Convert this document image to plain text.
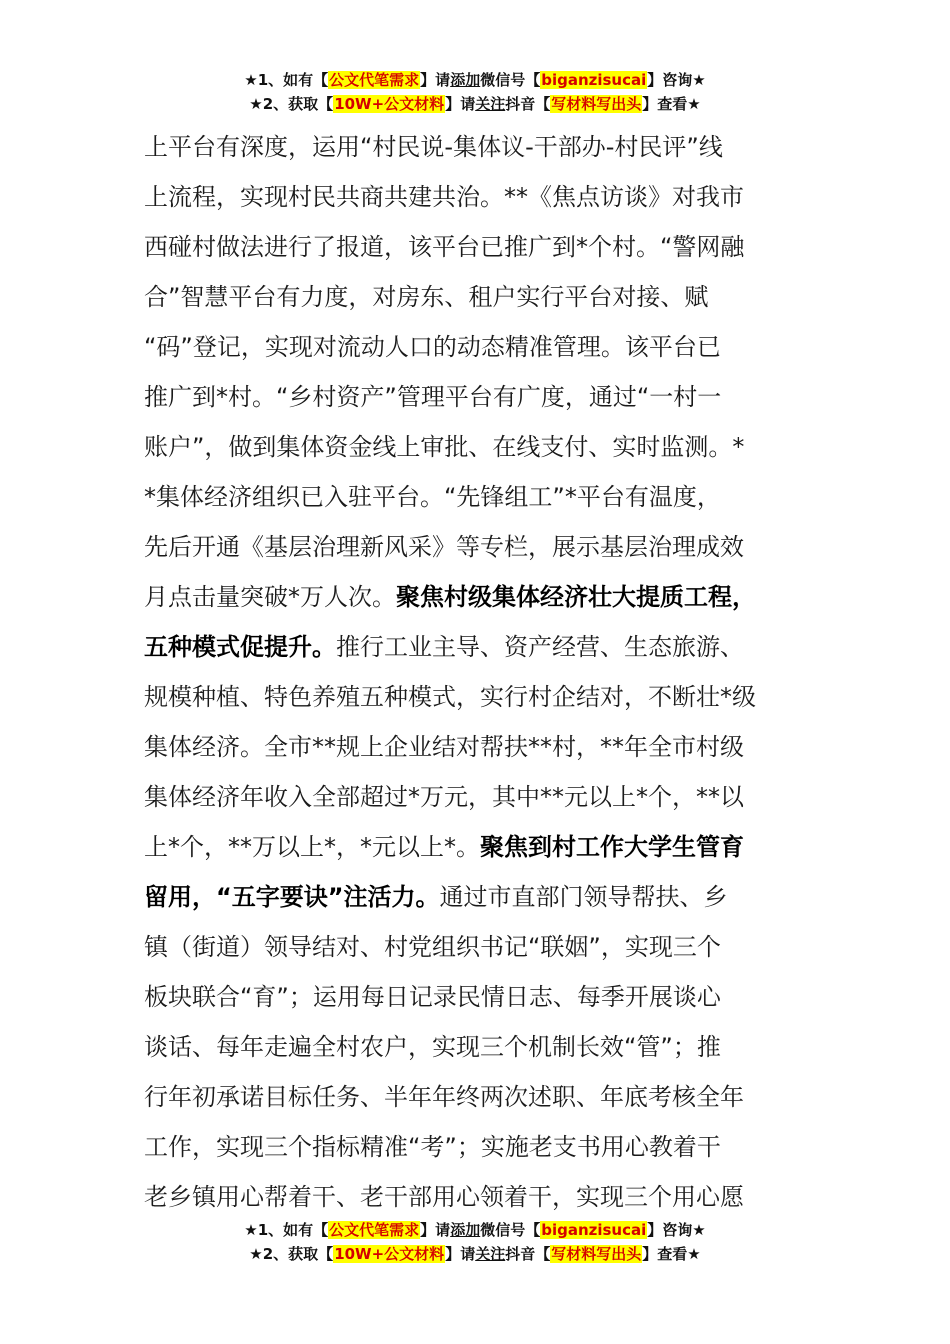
★1、如有【公文代笔需求】请添加微信号【biganzisucai】咨询★
★2、获取【10W+公文材料】请关注抖音【写材料写出头】查看★
上平台有深度，运用“村民说-集体议-干部办-村民评”线
上流程，实现村民共商共建共治。**《焦点访谈》对我市
西碰村做法进行了报道，该平台已推广到*个村。“警网融
合”智慧平台有力度，对房东、租户实行平台对接、赋
“码”登记，实现对流动人口的动态精准管理。该平台已
推广到*村。“乡村资产”管理平台有广度，通过“一村一
账户”，做到集体资金线上审批、在线支付、实时监测。*
*集体经济组织已入驻平台。“先锋组工”*平台有温度，
先后开通《基层治理新风采》等专栏，展示基层治理成效
月点击量突破*万人次。聚焦村级集体经济壮大提质工程，
五种模式促提升。推行工业主导、资产经营、生态旅游、
规模种植、特色养殖五种模式，实行村企结对，不断壮*级
集体经济。全市**规上企业结对帮扶**村，**年全市村级
集体经济年收入全部超过*万元，其中**元以上*个，**以
上*个，**万以上*，*元以上*。聚焦到村工作大学生管育
留用，“五字要诀”注活力。通过市直部门领导帮扶、乡
镇（街道）领导结对、村党组织书记“联姻”，实现三个
板块联合“育”；运用每日记录民情日志、每季开展谈心
谈话、每年走遍全村农户，实现三个机制长效“管”；推
行年初承诺目标任务、半年年终两次述职、年底考核全年
工作，实现三个指标精准“考”；实施老支书用心教着干
老乡镇用心帮着干、老干部用心领着干，实现三个用心愿
★1、如有【公文代笔需求】请添加微信号【biganzisucai】咨询★
★2、获取【10W+公文材料】请关注抖音【写材料写出头】查看★
